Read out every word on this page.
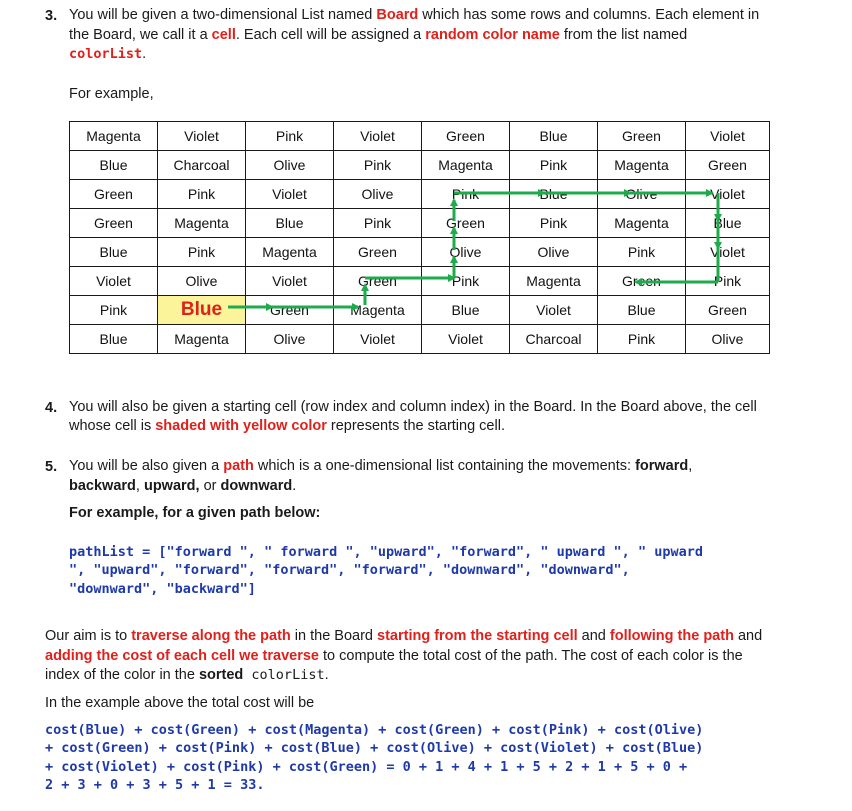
3. You will be given a two-dimensional List named Board which has some rows and columns. Each element in
the Board, we call it a cell. Each cell will be assigned a random color name from the list named
colorList.
For example,
Magenta	Violet	Pink	Violet	Green	Blue	Green	Violet
Blue	Charcoal	Olive	Pink	Magenta	Pink	Magenta	Green
Green	Pink	Violet	Olive	Pink	Blue	Olive	Violet
Green	Magenta	Blue	Pink	Green	Pink	Magenta	Blue
Blue	Pink	Magenta	Green	Olive	Olive	Pink	Violet
Violet	Olive	Violet	Green	Pink	Magenta	Green	Pink
Pink	Blue	Green	Magenta	Blue	Violet	Blue	Green
Blue	Magenta	Olive	Violet	Violet	Charcoal	Pink	Olive
4. You will also be given a starting cell (row index and column index) in the Board. In the Board above, the cell
whose cell is shaded with yellow color represents the starting cell.
5. You will be also given a path which is a one-dimensional list containing the movements: forward,
backward, upward, or downward.
For example, for a given path below:
pathList = ["forward ", " forward ", "upward", "forward", " upward ", " upward
", "upward", "forward", "forward", "forward", "downward", "downward",
"downward", "backward"]
Our aim is to traverse along the path in the Board starting from the starting cell and following the path and
adding the cost of each cell we traverse to compute the total cost of the path. The cost of each color is the
index of the color in the sorted colorList.
In the example above the total cost will be
cost(Blue) + cost(Green) + cost(Magenta) + cost(Green) + cost(Pink) + cost(Olive)
+ cost(Green) + cost(Pink) + cost(Blue) + cost(Olive) + cost(Violet) + cost(Blue)
+ cost(Violet) + cost(Pink) + cost(Green) = 0 + 1 + 4 + 1 + 5 + 2 + 1 + 5 + 0 +
2 + 3 + 0 + 3 + 5 + 1 = 33.
